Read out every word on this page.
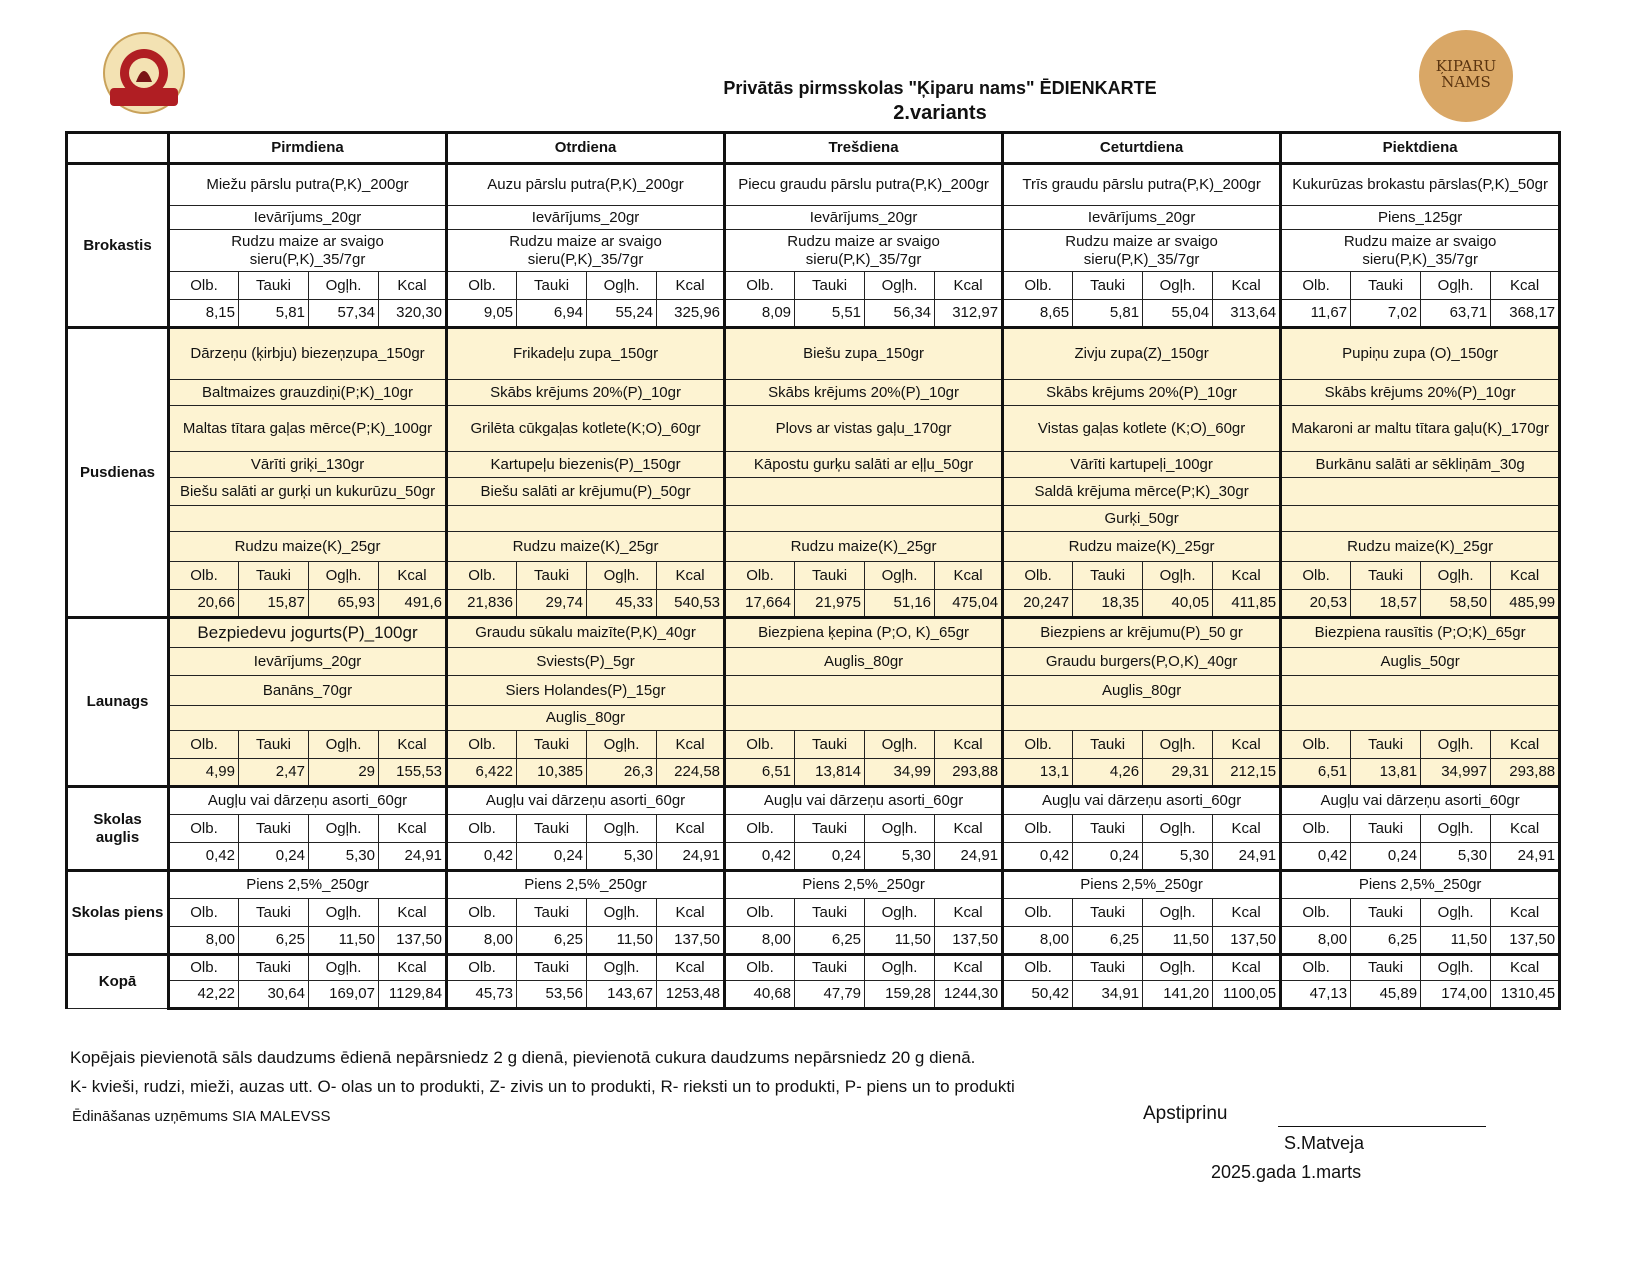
ĶIPARU NAMS
Privātās pirmsskolas "Ķiparu nams" ĒDIENKARTE
2.variants
	Pirmdiena				Otrdiena				Trešdiena				Ceturtdiena				Piektdiena			
Brokastis	Miežu pārslu putra(P,K)_200gr				Auzu pārslu putra(P,K)_200gr				Piecu graudu pārslu putra(P,K)_200gr				Trīs graudu pārslu putra(P,K)_200gr				Kukurūzas brokastu pārslas(P,K)_50gr			
	Ievārījums_20gr				Ievārījums_20gr				Ievārījums_20gr				Ievārījums_20gr				Piens_125gr			
	Rudzu maize ar svaigo sieru(P,K)_35/7gr				Rudzu maize ar svaigo sieru(P,K)_35/7gr				Rudzu maize ar svaigo sieru(P,K)_35/7gr				Rudzu maize ar svaigo sieru(P,K)_35/7gr				Rudzu maize ar svaigo sieru(P,K)_35/7gr			
	Olb.	Tauki	Ogļh.	Kcal	Olb.	Tauki	Ogļh.	Kcal	Olb.	Tauki	Ogļh.	Kcal	Olb.	Tauki	Ogļh.	Kcal	Olb.	Tauki	Ogļh.	Kcal
	8,15	5,81	57,34	320,30	9,05	6,94	55,24	325,96	8,09	5,51	56,34	312,97	8,65	5,81	55,04	313,64	11,67	7,02	63,71	368,17
Pusdienas	Dārzeņu (ķirbju) biezeņzupa_150gr				Frikadeļu zupa_150gr				Biešu zupa_150gr				Zivju zupa(Z)_150gr				Pupiņu zupa (O)_150gr			
	Baltmaizes grauzdiņi(P;K)_10gr				Skābs krējums 20%(P)_10gr				Skābs krējums 20%(P)_10gr				Skābs krējums 20%(P)_10gr				Skābs krējums 20%(P)_10gr			
	Maltas tītara gaļas mērce(P;K)_100gr				Grilēta cūkgaļas kotlete(K;O)_60gr				Plovs ar vistas gaļu_170gr				Vistas gaļas kotlete (K;O)_60gr				Makaroni ar maltu tītara gaļu(K)_170gr			
	Vārīti griķi_130gr				Kartupeļu biezenis(P)_150gr				Kāpostu gurķu salāti ar eļļu_50gr				Vārīti kartupeļi_100gr				Burkānu salāti ar sēkliņām_30g			
	Biešu salāti ar gurķi un kukurūzu_50gr				Biešu salāti ar krējumu(P)_50gr								Saldā krējuma mērce(P;K)_30gr							
													Gurķi_50gr							
	Rudzu maize(K)_25gr				Rudzu maize(K)_25gr				Rudzu maize(K)_25gr				Rudzu maize(K)_25gr				Rudzu maize(K)_25gr			
	Olb.	Tauki	Ogļh.	Kcal	Olb.	Tauki	Ogļh.	Kcal	Olb.	Tauki	Ogļh.	Kcal	Olb.	Tauki	Ogļh.	Kcal	Olb.	Tauki	Ogļh.	Kcal
	20,66	15,87	65,93	491,6	21,836	29,74	45,33	540,53	17,664	21,975	51,16	475,04	20,247	18,35	40,05	411,85	20,53	18,57	58,50	485,99
Launags	Bezpiedevu jogurts(P)_100gr				Graudu sūkalu maizīte(P,K)_40gr				Biezpiena ķepina (P;O, K)_65gr				Biezpiens ar krējumu(P)_50 gr				Biezpiena rausītis (P;O;K)_65gr			
	Ievārījums_20gr				Sviests(P)_5gr				Auglis_80gr				Graudu burgers(P,O,K)_40gr				Auglis_50gr			
	Banāns_70gr				Siers Holandes(P)_15gr								Auglis_80gr							
					Auglis_80gr															
	Olb.	Tauki	Ogļh.	Kcal	Olb.	Tauki	Ogļh.	Kcal	Olb.	Tauki	Ogļh.	Kcal	Olb.	Tauki	Ogļh.	Kcal	Olb.	Tauki	Ogļh.	Kcal
	4,99	2,47	29	155,53	6,422	10,385	26,3	224,58	6,51	13,814	34,99	293,88	13,1	4,26	29,31	212,15	6,51	13,81	34,997	293,88
Skolas
auglis	Augļu vai dārzeņu asorti_60gr				Augļu vai dārzeņu asorti_60gr				Augļu vai dārzeņu asorti_60gr				Augļu vai dārzeņu asorti_60gr				Augļu vai dārzeņu asorti_60gr			
	Olb.	Tauki	Ogļh.	Kcal	Olb.	Tauki	Ogļh.	Kcal	Olb.	Tauki	Ogļh.	Kcal	Olb.	Tauki	Ogļh.	Kcal	Olb.	Tauki	Ogļh.	Kcal
	0,42	0,24	5,30	24,91	0,42	0,24	5,30	24,91	0,42	0,24	5,30	24,91	0,42	0,24	5,30	24,91	0,42	0,24	5,30	24,91
Skolas piens	Piens 2,5%_250gr				Piens 2,5%_250gr				Piens 2,5%_250gr				Piens 2,5%_250gr				Piens 2,5%_250gr			
	Olb.	Tauki	Ogļh.	Kcal	Olb.	Tauki	Ogļh.	Kcal	Olb.	Tauki	Ogļh.	Kcal	Olb.	Tauki	Ogļh.	Kcal	Olb.	Tauki	Ogļh.	Kcal
	8,00	6,25	11,50	137,50	8,00	6,25	11,50	137,50	8,00	6,25	11,50	137,50	8,00	6,25	11,50	137,50	8,00	6,25	11,50	137,50
Kopā	Olb.	Tauki	Ogļh.	Kcal	Olb.	Tauki	Ogļh.	Kcal	Olb.	Tauki	Ogļh.	Kcal	Olb.	Tauki	Ogļh.	Kcal	Olb.	Tauki	Ogļh.	Kcal
	42,22	30,64	169,07	1129,84	45,73	53,56	143,67	1253,48	40,68	47,79	159,28	1244,30	50,42	34,91	141,20	1100,05	47,13	45,89	174,00	1310,45
Kopējais pievienotā sāls daudzums ēdienā nepārsniedz 2 g dienā, pievienotā cukura daudzums nepārsniedz 20 g dienā.
K- kvieši, rudzi, mieži, auzas utt. O- olas un to produkti, Z- zivis un to produkti, R- rieksti un to produkti, P- piens un to produkti
Ēdināšanas uzņēmums SIA MALEVSS	Apstiprinu
S.Matveja
2025.gada 1.marts
